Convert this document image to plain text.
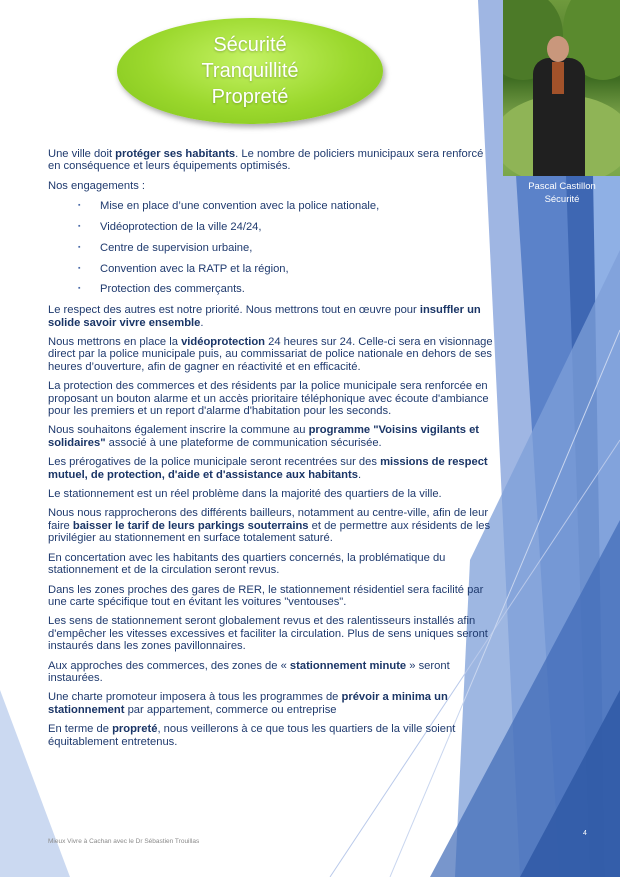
Sécurité
Tranquillité
Propreté
Pascal Castillon
Sécurité

Une ville doit protéger ses habitants. Le nombre de policiers municipaux sera renforcé en conséquence et leurs équipements optimisés.

Nos engagements :

▪ Mise en place d’une convention avec la police nationale,
▪ Vidéoprotection de la ville 24/24,
▪ Centre de supervision urbaine,
▪ Convention avec la RATP et la région,
▪ Protection des commerçants.

Le respect des autres est notre priorité. Nous mettrons tout en œuvre pour insuffler un solide savoir vivre ensemble.

Nous mettrons en place la vidéoprotection 24 heures sur 24. Celle-ci sera en visionnage direct par la police municipale puis, au commissariat de police nationale en dehors de ses heures d’ouverture, afin de gagner en réactivité et en efficacité.

La protection des commerces et des résidents par la police municipale sera renforcée en proposant un bouton alarme et un accès prioritaire téléphonique avec écoute d'ambiance pour les premiers et un report d'alarme d'habitation pour les seconds.

Nous souhaitons également inscrire la commune au programme "Voisins vigilants et solidaires" associé à une plateforme de communication sécurisée.

Les prérogatives de la police municipale seront recentrées sur des missions de respect mutuel, de protection, d'aide et d'assistance aux habitants.

Le stationnement est un réel problème dans la majorité des quartiers de la ville.

Nous nous rapprocherons des différents bailleurs, notamment au centre-ville, afin de leur faire baisser le tarif de leurs parkings souterrains et de permettre aux résidents de les privilégier au stationnement en surface totalement saturé.

En concertation avec les habitants des quartiers concernés, la problématique du stationnement et de la circulation seront revus.

Dans les zones proches des gares de RER, le stationnement résidentiel sera facilité par une carte spécifique tout en évitant les voitures "ventouses".

Les sens de stationnement seront globalement revus et des ralentisseurs installés afin d'empêcher les vitesses excessives et faciliter la circulation. Plus de sens uniques seront instaurés dans les zones pavillonnaires.

Aux approches des commerces, des zones de « stationnement minute » seront instaurées.

Une charte promoteur imposera à tous les programmes de prévoir a minima un stationnement par appartement, commerce ou entreprise

En terme de propreté, nous veillerons à ce que tous les quartiers de la ville soient équitablement entretenus.

Mieux Vivre à Cachan avec le Dr Sébastien Trouillas
4
